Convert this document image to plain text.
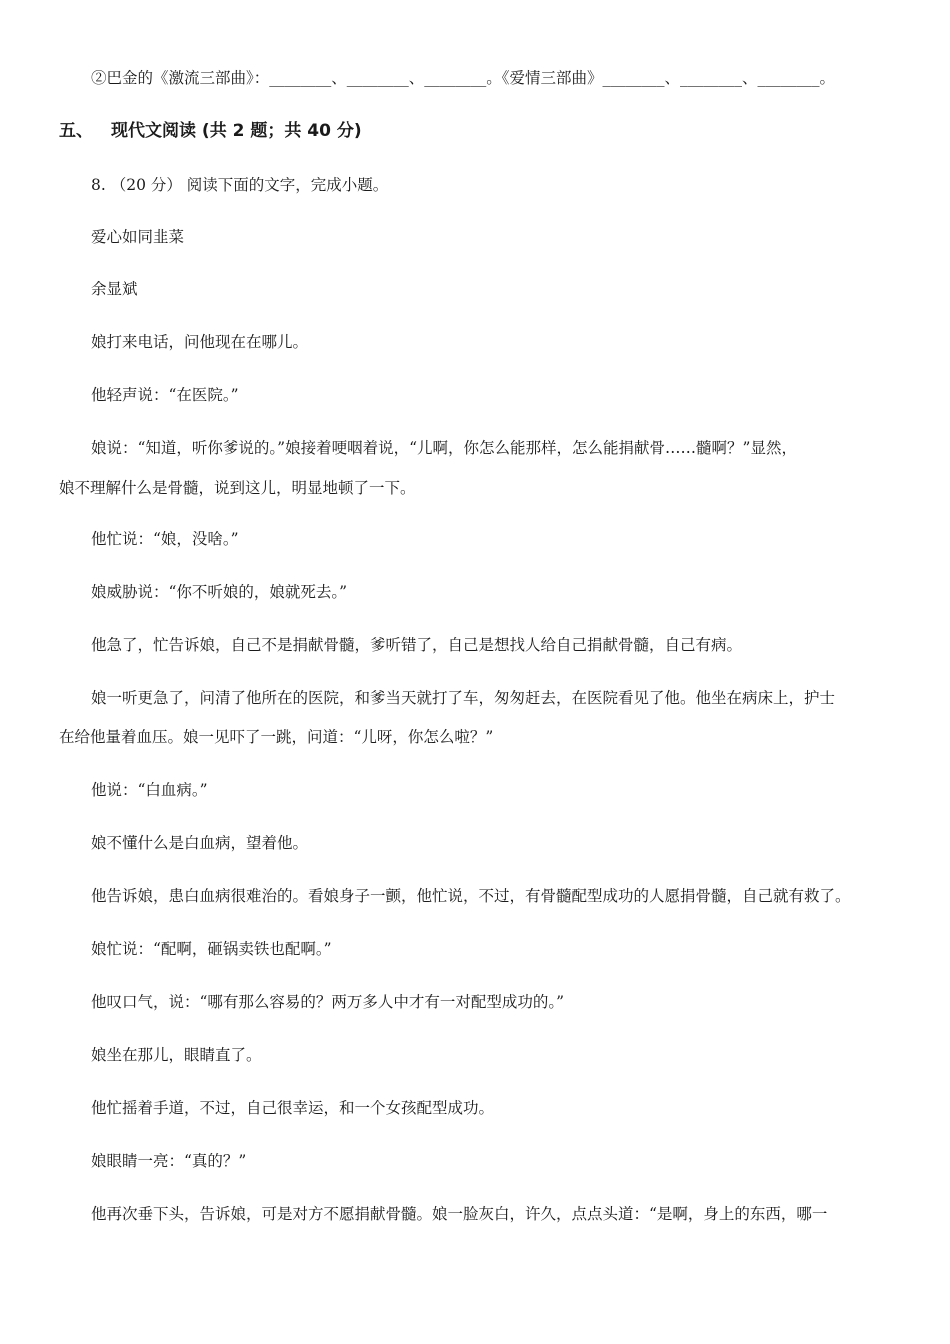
②巴金的《激流三部曲》：________、________、________。《爱情三部曲》________、________、________。
五、 现代文阅读 (共 2 题；共 40 分)
8. （20 分） 阅读下面的文字，完成小题。
爱心如同韭菜
余显斌
娘打来电话，问他现在在哪儿。
他轻声说：“在医院。”
娘说：“知道，听你爹说的。”娘接着哽咽着说，“儿啊，你怎么能那样，怎么能捐献骨……髓啊？”显然，
娘不理解什么是骨髓，说到这儿，明显地顿了一下。
他忙说：“娘，没啥。”
娘威胁说：“你不听娘的，娘就死去。”
他急了，忙告诉娘，自己不是捐献骨髓，爹听错了，自己是想找人给自己捐献骨髓，自己有病。
娘一听更急了，问清了他所在的医院，和爹当天就打了车，匆匆赶去，在医院看见了他。他坐在病床上，护士
在给他量着血压。娘一见吓了一跳，问道：“儿呀，你怎么啦？”
他说：“白血病。”
娘不懂什么是白血病，望着他。
他告诉娘，患白血病很难治的。看娘身子一颤，他忙说，不过，有骨髓配型成功的人愿捐骨髓，自己就有救了。
娘忙说：“配啊，砸锅卖铁也配啊。”
他叹口气，说：“哪有那么容易的？两万多人中才有一对配型成功的。”
娘坐在那儿，眼睛直了。
他忙摇着手道，不过，自己很幸运，和一个女孩配型成功。
娘眼睛一亮：“真的？”
他再次垂下头，告诉娘，可是对方不愿捐献骨髓。娘一脸灰白，许久，点点头道：“是啊，身上的东西，哪一
